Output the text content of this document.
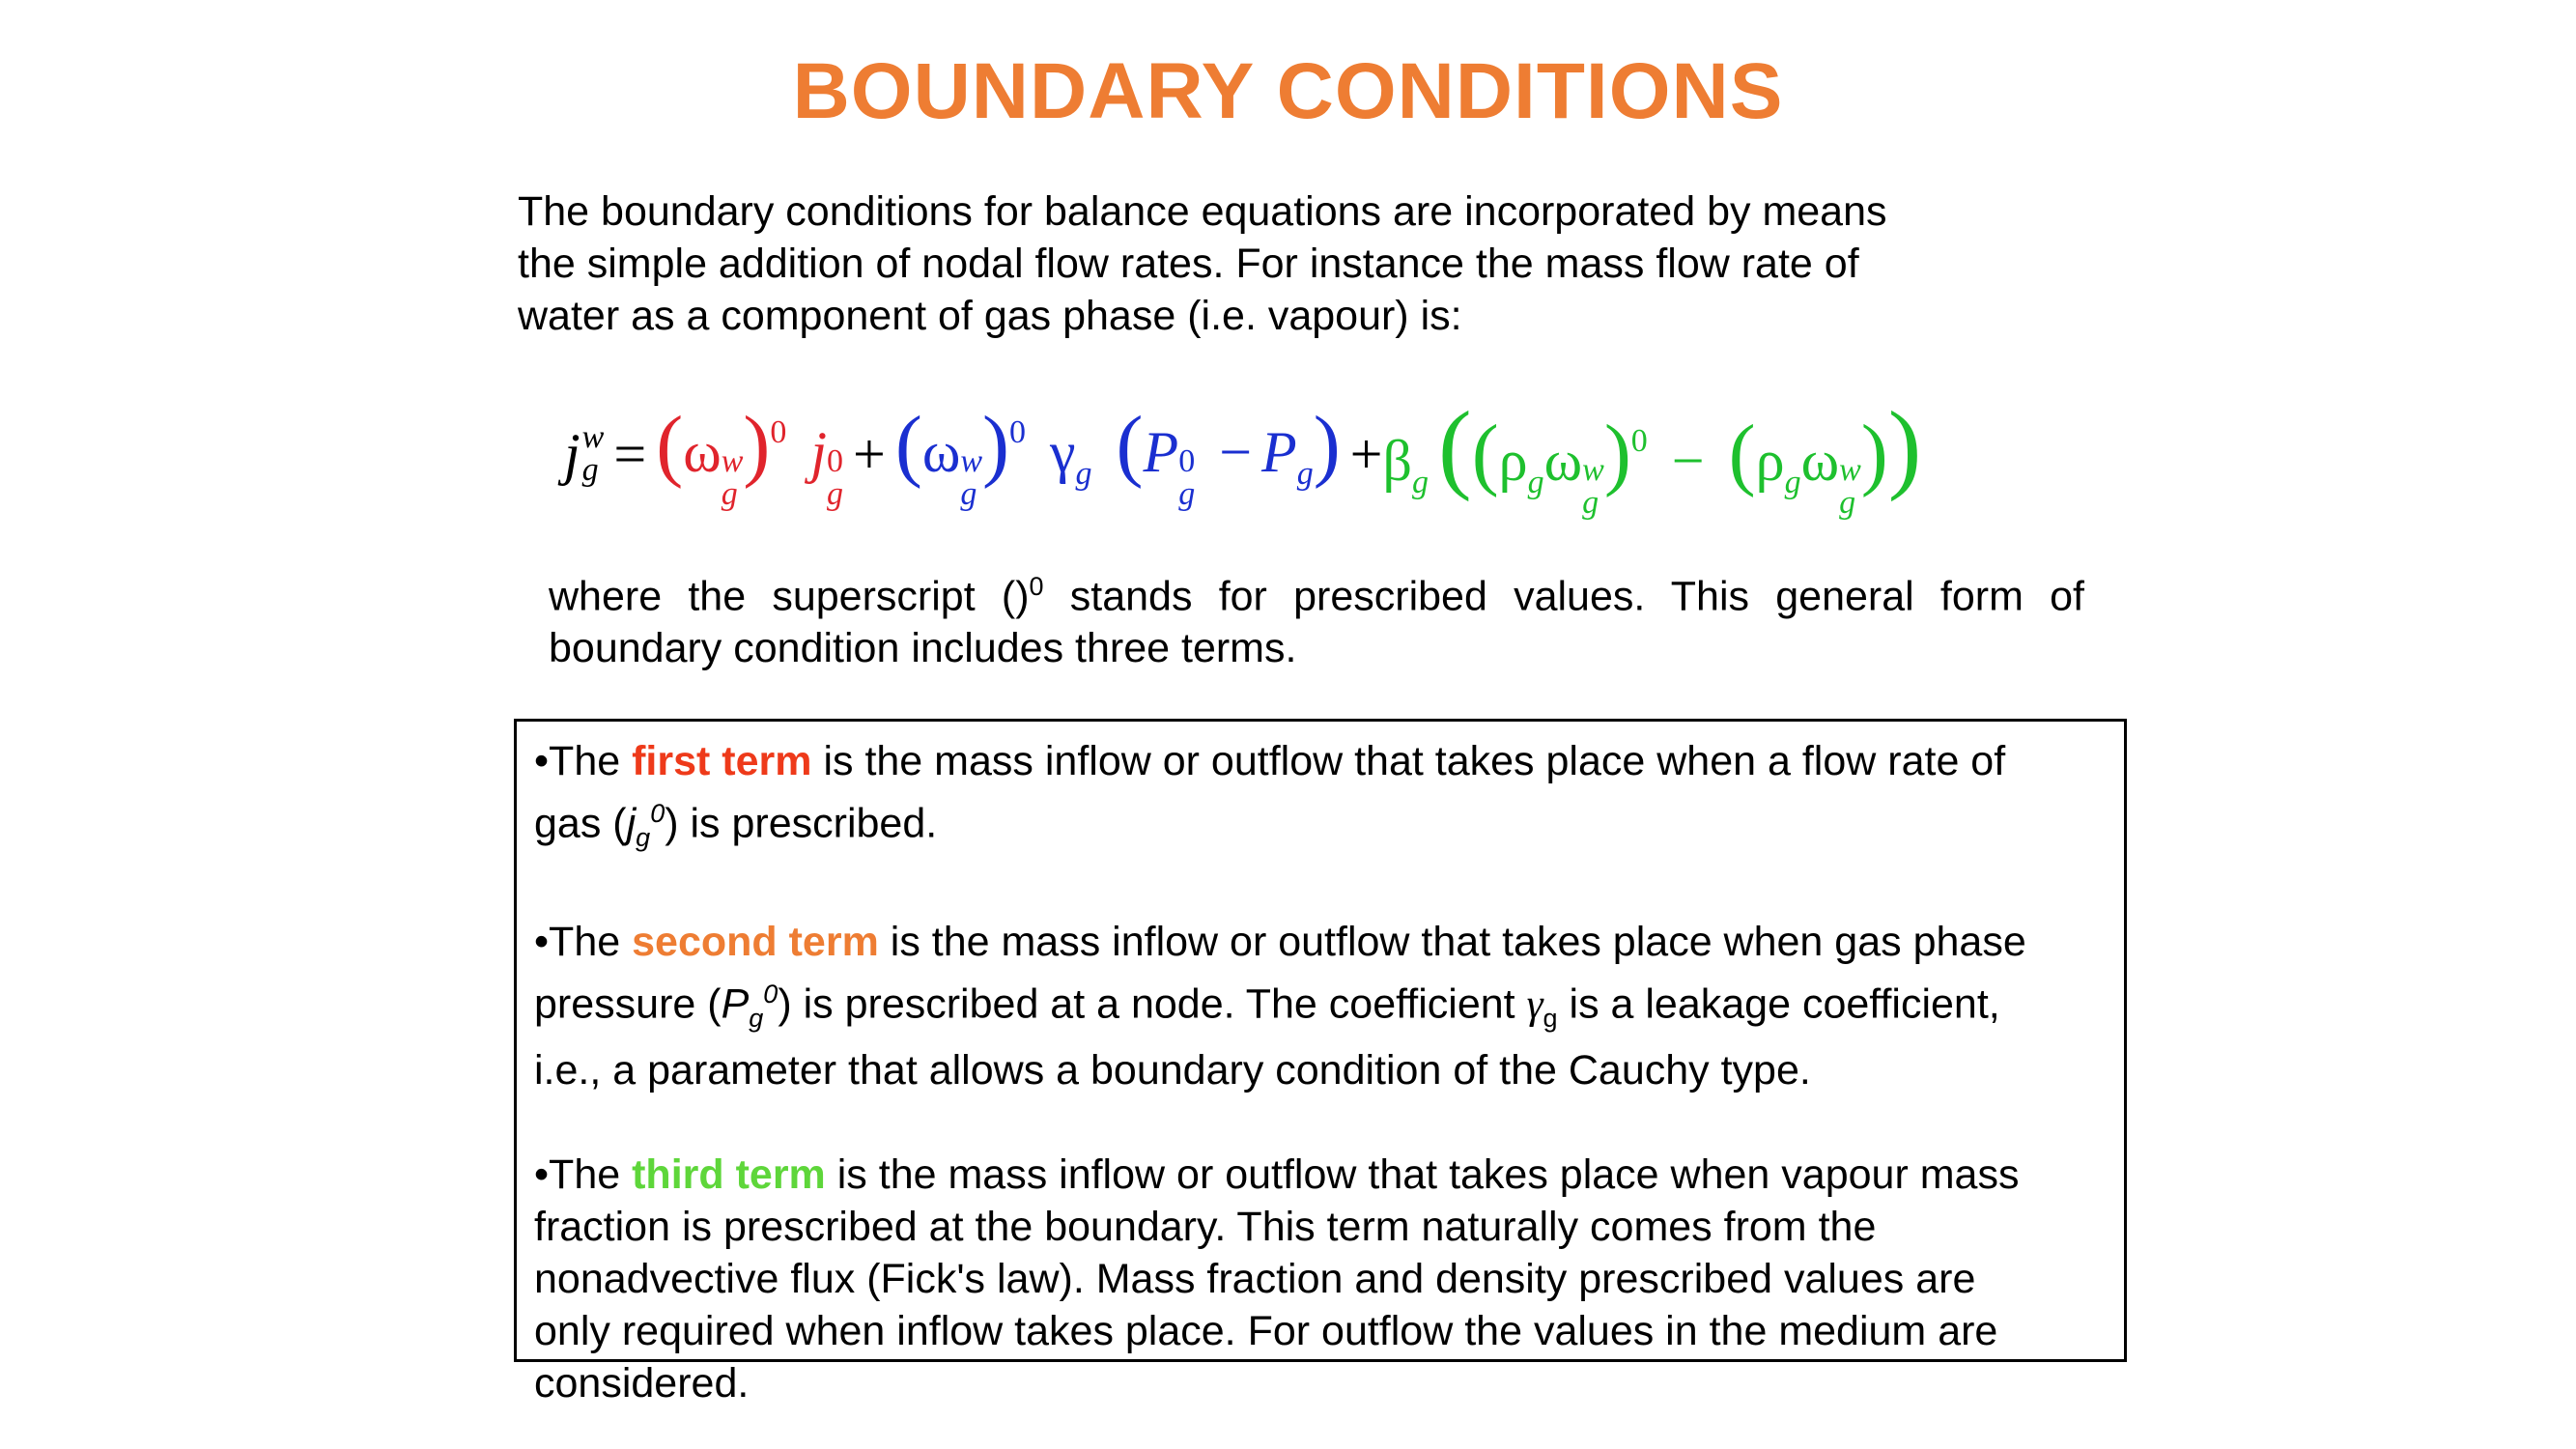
BOUNDARY CONDITIONS
The boundary conditions for balance equations are incorporated by means
the simple addition of nodal flow rates. For instance the mass flow rate of
water as a component of gas phase (i.e. vapour) is:
j w
g = (ω w
g
)$^0$ j 0
g
+ (ω w
g
)$^0$ $\gamma_g$ (P 0
g
− $P_g) + \beta_g((\rho_g\omega$ w
g
)$^0 - (\rho_g\omega$ w
g
))
where the superscript ()$^0$ stands for prescribed values. This general form of
boundary condition includes three terms.

•The first term is the mass inflow or outflow that takes place when a flow rate of
gas $(j_g^0)$ is prescribed.

•The second term is the mass inflow or outflow that takes place when gas phase
pressure $(P_g^0)$ is prescribed at a node. The coefficient $\gamma_g$ is a leakage coefficient,
i.e., a parameter that allows a boundary condition of the Cauchy type.

•The third term is the mass inflow or outflow that takes place when vapour mass
fraction is prescribed at the boundary. This term naturally comes from the
nonadvective flux (Fick's law). Mass fraction and density prescribed values are
only required when inflow takes place. For outflow the values in the medium are
considered.
